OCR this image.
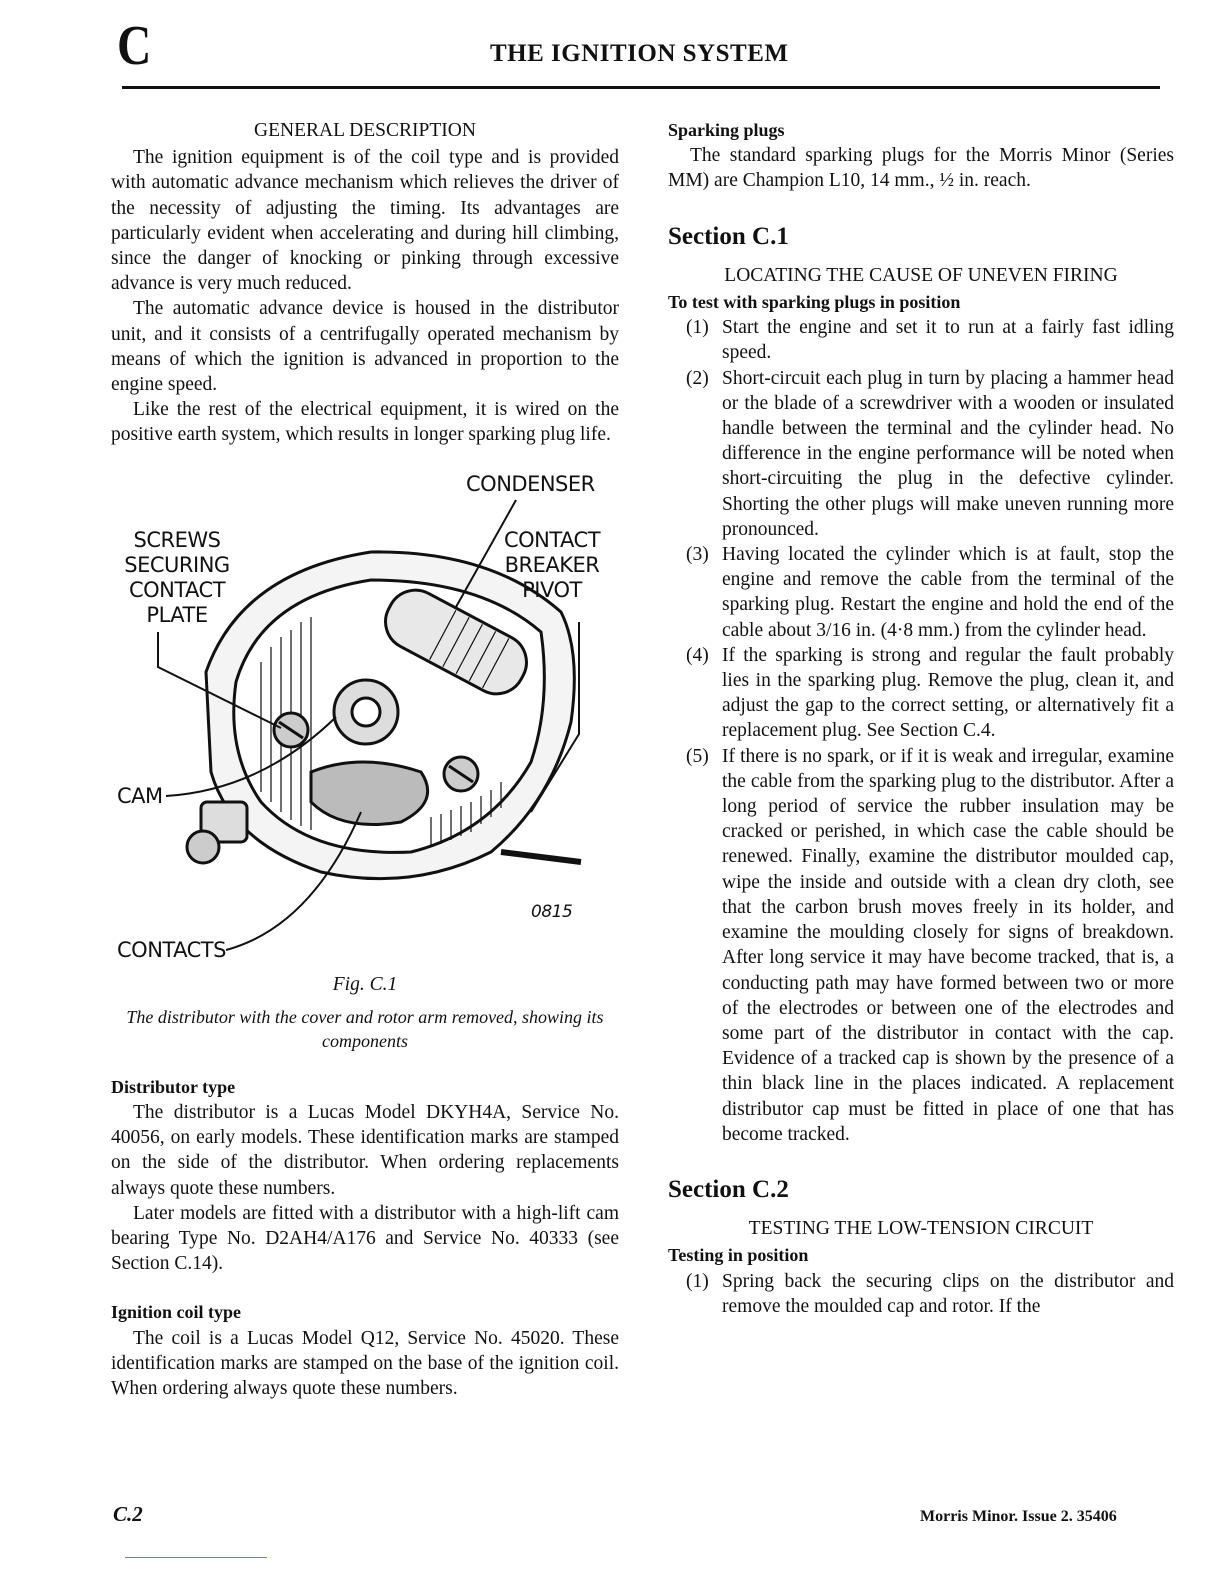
C	THE IGNITION SYSTEM
GENERAL DESCRIPTION

The ignition equipment is of the coil type and is provided with automatic advance mechanism which relieves the driver of the necessity of adjusting the timing. Its advantages are particularly evident when accelerating and during hill climbing, since the danger of knocking or pinking through excessive advance is very much reduced.

The automatic advance device is housed in the distributor unit, and it consists of a centrifugally operated mechanism by means of which the ignition is advanced in proportion to the engine speed.

Like the rest of the electrical equipment, it is wired on the positive earth system, which results in longer sparking plug life.

CONDENSER
SCREWS SECURING CONTACT PLATE
CONTACT BREAKER PIVOT
CAM
CONTACTS
0815
Fig. C.1
The distributor with the cover and rotor arm removed, showing its components
Distributor type

The distributor is a Lucas Model DKYH4A, Service No. 40056, on early models. These identification marks are stamped on the side of the distributor. When ordering replacements always quote these numbers.

Later models are fitted with a distributor with a high-lift cam bearing Type No. D2AH4/A176 and Service No. 40333 (see Section C.14).

Ignition coil type

The coil is a Lucas Model Q12, Service No. 45020. These identification marks are stamped on the base of the ignition coil. When ordering always quote these numbers.

Sparking plugs

The standard sparking plugs for the Morris Minor (Series MM) are Champion L10, 14 mm., ½ in. reach.

Section C.1
LOCATING THE CAUSE OF UNEVEN FIRING
To test with sparking plugs in position
(1) Start the engine and set it to run at a fairly fast idling speed.
(2) Short-circuit each plug in turn by placing a hammer head or the blade of a screwdriver with a wooden or insulated handle between the terminal and the cylinder head. No difference in the engine performance will be noted when short-circuiting the plug in the defective cylinder. Shorting the other plugs will make uneven running more pronounced.
(3) Having located the cylinder which is at fault, stop the engine and remove the cable from the terminal of the sparking plug. Restart the engine and hold the end of the cable about 3/16 in. (4·8 mm.) from the cylinder head.
(4) If the sparking is strong and regular the fault probably lies in the sparking plug. Remove the plug, clean it, and adjust the gap to the correct setting, or alternatively fit a replacement plug. See Section C.4.
(5) If there is no spark, or if it is weak and irregular, examine the cable from the sparking plug to the distributor. After a long period of service the rubber insulation may be cracked or perished, in which case the cable should be renewed. Finally, examine the distributor moulded cap, wipe the inside and outside with a clean dry cloth, see that the carbon brush moves freely in its holder, and examine the moulding closely for signs of breakdown. After long service it may have become tracked, that is, a conducting path may have formed between two or more of the electrodes or between one of the electrodes and some part of the distributor in contact with the cap. Evidence of a tracked cap is shown by the presence of a thin black line in the places indicated. A replacement distributor cap must be fitted in place of one that has become tracked.
Section C.2
TESTING THE LOW-TENSION CIRCUIT
Testing in position
(1) Spring back the securing clips on the distributor and remove the moulded cap and rotor. If the
C.2	Morris Minor. Issue 2. 35406
